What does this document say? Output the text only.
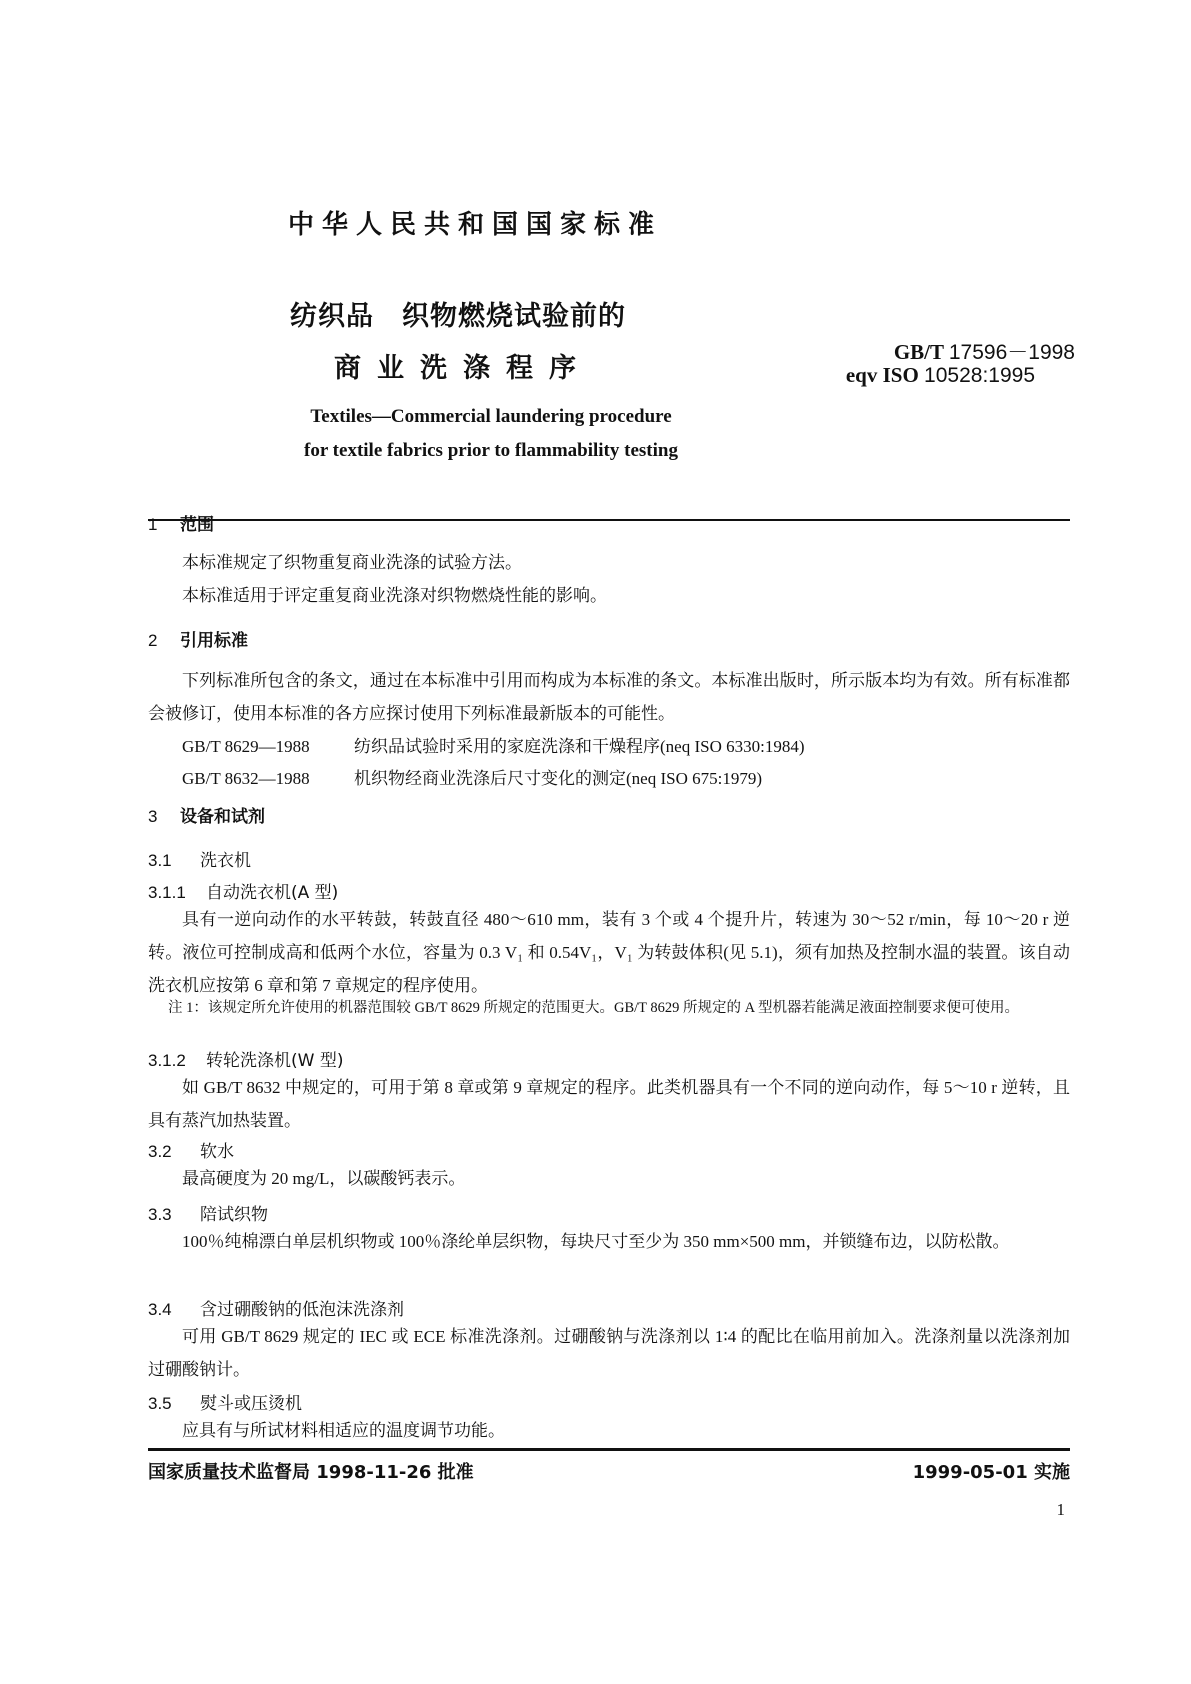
中华人民共和国国家标准
纺织品　织物燃烧试验前的
商业洗涤程序
GB/T 17596－1998
eqv ISO 10528:1995
Textiles—Commercial laundering procedure
for textile fabrics prior to flammability testing
1 范围
本标准规定了织物重复商业洗涤的试验方法。
本标准适用于评定重复商业洗涤对织物燃烧性能的影响。
2 引用标准
下列标准所包含的条文，通过在本标准中引用而构成为本标准的条文。本标准出版时，所示版本均为有效。所有标准都会被修订，使用本标准的各方应探讨使用下列标准最新版本的可能性。
GB/T 8629—1988	纺织品试验时采用的家庭洗涤和干燥程序(neq ISO 6330:1984)
GB/T 8632—1988	机织物经商业洗涤后尺寸变化的测定(neq ISO 675:1979)
3 设备和试剂
3.1 洗衣机
3.1.1 自动洗衣机(A 型)
具有一逆向动作的水平转鼓，转鼓直径 480～610 mm，装有 3 个或 4 个提升片，转速为 30～52 r/min，每 10～20 r 逆转。液位可控制成高和低两个水位，容量为 0.3 V₁ 和 0.54V₁，V₁ 为转鼓体积(见 5.1)，须有加热及控制水温的装置。该自动洗衣机应按第 6 章和第 7 章规定的程序使用。
注 1：该规定所允许使用的机器范围较 GB/T 8629 所规定的范围更大。GB/T 8629 所规定的 A 型机器若能满足液面控制要求便可使用。
3.1.2 转轮洗涤机(W 型)
如 GB/T 8632 中规定的，可用于第 8 章或第 9 章规定的程序。此类机器具有一个不同的逆向动作，每 5～10 r 逆转，且具有蒸汽加热装置。
3.2 软水
最高硬度为 20 mg/L，以碳酸钙表示。
3.3 陪试织物
100％纯棉漂白单层机织物或 100％涤纶单层织物，每块尺寸至少为 350 mm×500 mm，并锁缝布边，以防松散。
3.4 含过硼酸钠的低泡沫洗涤剂
可用 GB/T 8629 规定的 IEC 或 ECE 标准洗涤剂。过硼酸钠与洗涤剂以 1∶4 的配比在临用前加入。洗涤剂量以洗涤剂加过硼酸钠计。
3.5 熨斗或压烫机
应具有与所试材料相适应的温度调节功能。
国家质量技术监督局 1998-11-26 批准	1999-05-01 实施
1
